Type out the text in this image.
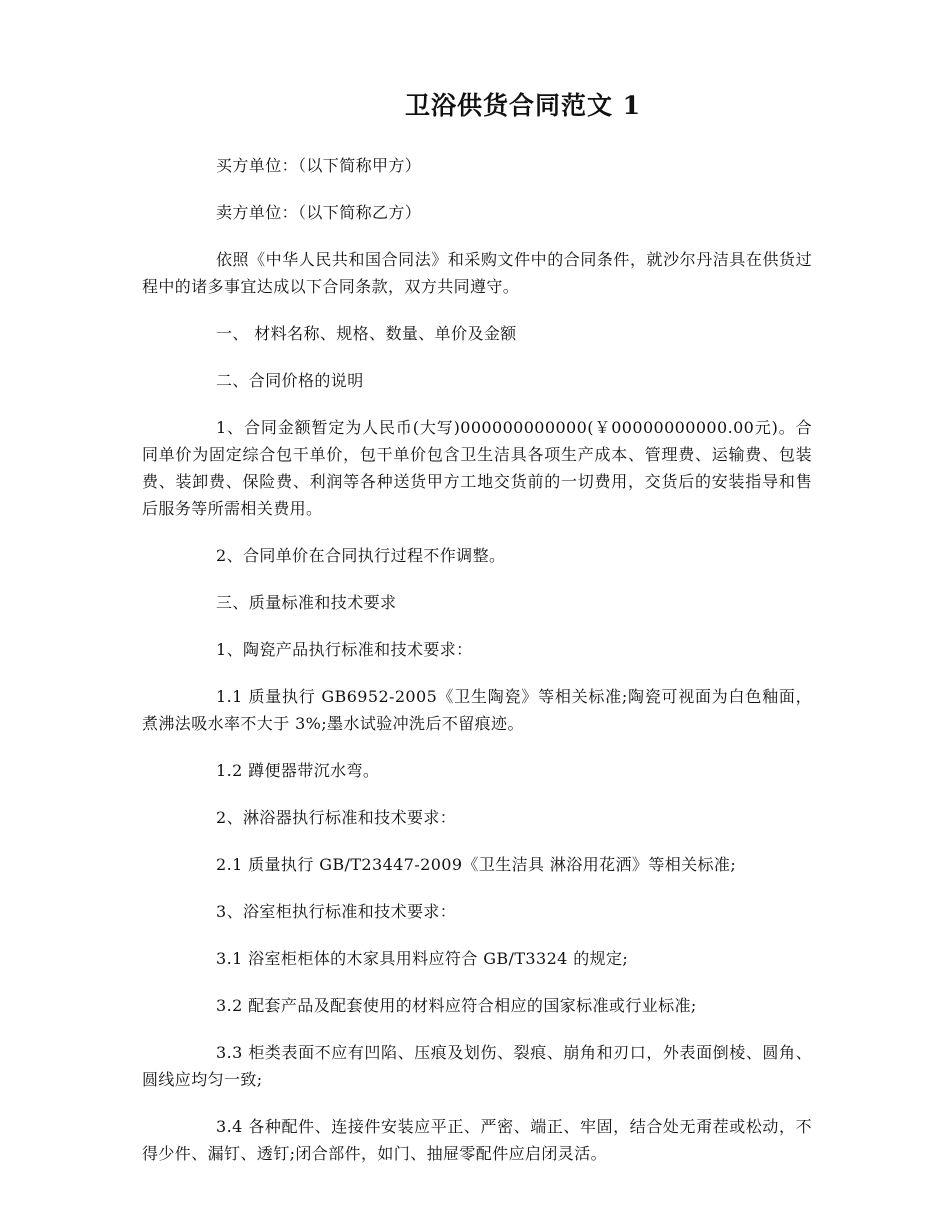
卫浴供货合同范文 1

买方单位：（以下简称甲方）

卖方单位：（以下简称乙方）

依照《中华人民共和国合同法》和采购文件中的合同条件，就沙尔丹洁具在供货过程中的诸多事宜达成以下合同条款，双方共同遵守。

一、 材料名称、规格、数量、单价及金额

二、合同价格的说明

1、合同金额暂定为人民币(大写)000000000000(￥00000000000.00元)。合同单价为固定综合包干单价，包干单价包含卫生洁具各项生产成本、管理费、运输费、包装费、装卸费、保险费、利润等各种送货甲方工地交货前的一切费用，交货后的安装指导和售后服务等所需相关费用。

2、合同单价在合同执行过程不作调整。

三、质量标准和技术要求

1、陶瓷产品执行标准和技术要求：

1.1 质量执行 GB6952-2005《卫生陶瓷》等相关标准;陶瓷可视面为白色釉面，煮沸法吸水率不大于 3%;墨水试验冲洗后不留痕迹。

1.2 蹲便器带沉水弯。

2、淋浴器执行标准和技术要求：

2.1 质量执行 GB/T23447-2009《卫生洁具 淋浴用花洒》等相关标准;

3、浴室柜执行标准和技术要求：

3.1 浴室柜柜体的木家具用料应符合 GB/T3324 的规定;

3.2 配套产品及配套使用的材料应符合相应的国家标准或行业标准;

3.3 柜类表面不应有凹陷、压痕及划伤、裂痕、崩角和刃口，外表面倒棱、圆角、圆线应均匀一致;

3.4 各种配件、连接件安装应平正、严密、端正、牢固，结合处无甭茬或松动，不得少件、漏钉、透钉;闭合部件，如门、抽屉零配件应启闭灵活。
